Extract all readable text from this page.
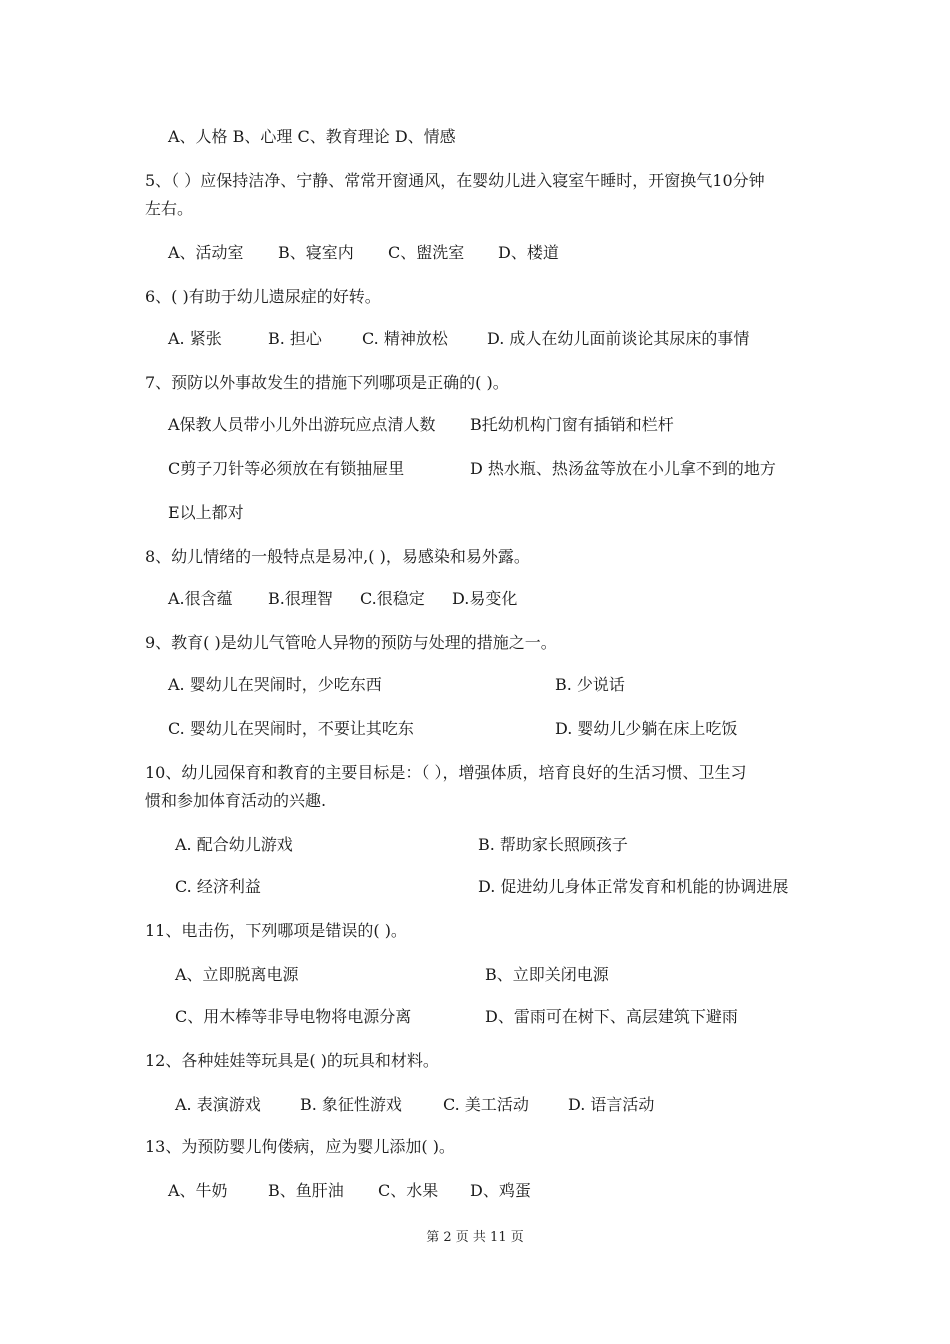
A、人格 B、心理 C、教育理论 D、情感
5、（ ）应保持洁净、宁静、常常开窗通风，在婴幼儿进入寝室午睡时，开窗换气10分钟
左右。
A、活动室 B、寝室内 C、盥洗室 D、楼道
6、( )有助于幼儿遗尿症的好转。
A. 紧张	B. 担心	C. 精神放松 D. 成人在幼儿面前谈论其尿床的事情
7、预防以外事故发生的措施下列哪项是正确的( )。
A保教人员带小儿外出游玩应点清人数 B托幼机构门窗有插销和栏杆
C剪子刀针等必须放在有锁抽屉里	D 热水瓶、热汤盆等放在小儿拿不到的地方
E以上都对
8、幼儿情绪的一般特点是易冲,( )，易感染和易外露。
A.很含蕴 B.很理智 C.很稳定 D.易变化
9、教育( )是幼儿气管呛人异物的预防与处理的措施之一。
A. 婴幼儿在哭闹时，少吃东西	B. 少说话
C. 婴幼儿在哭闹时，不要让其吃东	D. 婴幼儿少躺在床上吃饭
10、幼儿园保育和教育的主要目标是：（ ），增强体质，培育良好的生活习惯、卫生习
惯和参加体育活动的兴趣.
A. 配合幼儿游戏	B. 帮助家长照顾孩子
C. 经济利益	D. 促进幼儿身体正常发育和机能的协调进展
11、电击伤，下列哪项是错误的( )。
A、立即脱离电源	B、立即关闭电源
C、用木棒等非导电物将电源分离	D、雷雨可在树下、高层建筑下避雨
12、各种娃娃等玩具是( )的玩具和材料。
A. 表演游戏 B. 象征性游戏	C. 美工活动 D. 语言活动
13、为预防婴儿佝偻病，应为婴儿添加( )。
A、牛奶	B、鱼肝油 C、水果 D、鸡蛋
第 2 页 共 11 页
